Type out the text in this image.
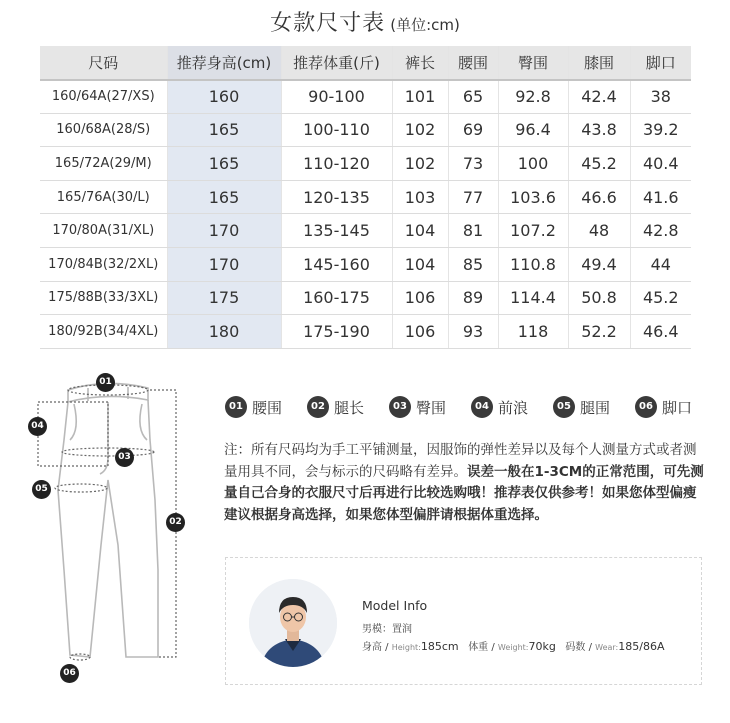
女款尺寸表 (单位:cm)
尺码	推荐身高(cm)	推荐体重(斤)	裤长	腰围	臀围	膝围	脚口
160/64A(27/XS)	160	90-100	101	65	92.8	42.4	38
160/68A(28/S)	165	100-110	102	69	96.4	43.8	39.2
165/72A(29/M)	165	110-120	102	73	100	45.2	40.4
165/76A(30/L)	165	120-135	103	77	103.6	46.6	41.6
170/80A(31/XL)	170	135-145	104	81	107.2	48	42.8
170/84B(32/2XL)	170	145-160	104	85	110.8	49.4	44
175/88B(33/3XL)	175	160-175	106	89	114.4	50.8	45.2
180/92B(34/4XL)	180	175-190	106	93	118	52.2	46.4
01
02
03
04
05
06
01 腰围	02 腿长	03 臀围	04 前浪	05 腿围	06 脚口
注：所有尺码均为手工平铺测量，因服饰的弹性差异以及每个人测量方式或者测量用具不同，会与标示的尺码略有差异。误差一般在1-3CM的正常范围，可先测量自己合身的衣服尺寸后再进行比较选购哦！推荐表仅供参考！如果您体型偏瘦建议根据身高选择，如果您体型偏胖请根据体重选择。
Model Info
男模：置润
身高 / Height:185cm 体重 / Weight:70kg 码数 / Wear:185/86A
